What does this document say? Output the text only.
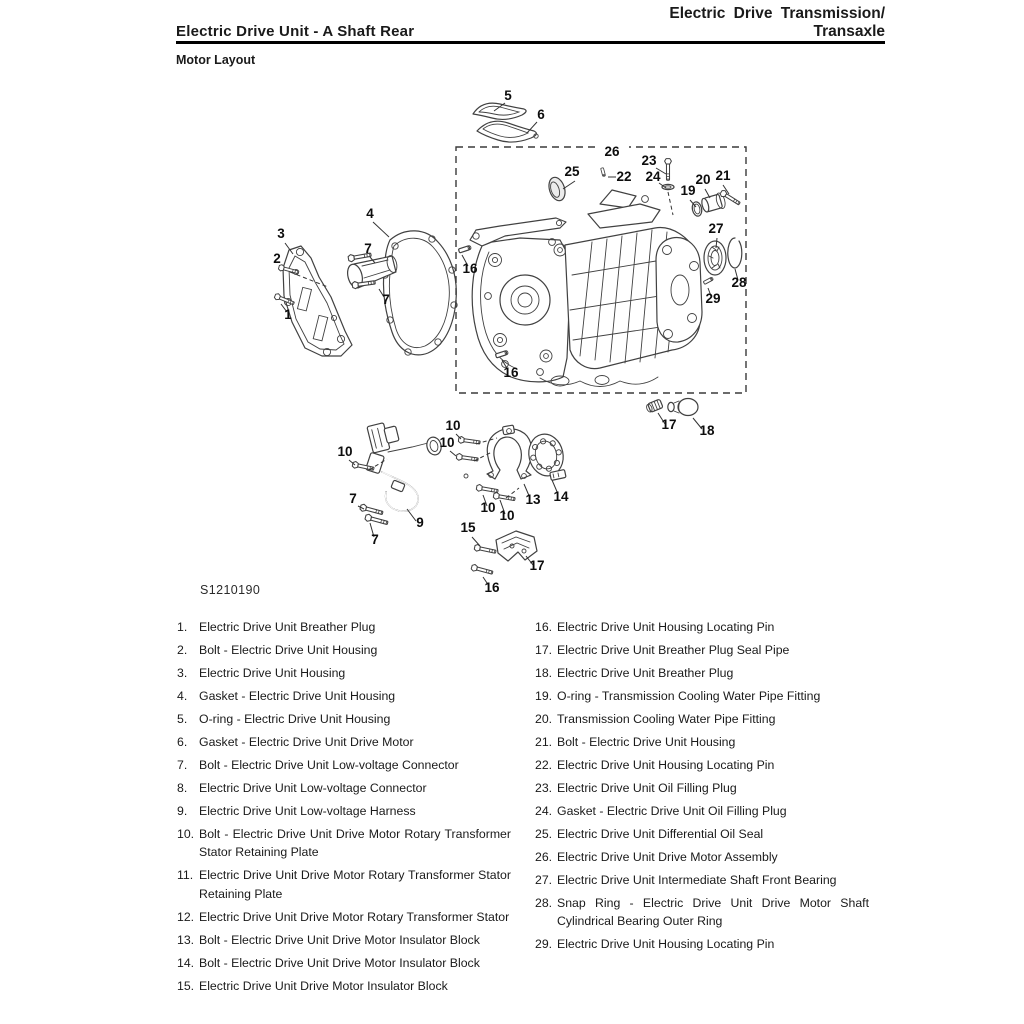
Electric Drive Unit - A Shaft Rear
Electric Drive Transmission/
Transaxle
Motor Layout
5
6
26
23
24
22
25
19
20 21
27
28
29
16
16
4
3
2
1
7
7
10
9
7
7
10
10
13 14
10
10
15
17
16
17 18
S1210190
1. Electric Drive Unit Breather Plug
2. Bolt - Electric Drive Unit Housing
3. Electric Drive Unit Housing
4. Gasket - Electric Drive Unit Housing
5. O-ring - Electric Drive Unit Housing
6. Gasket - Electric Drive Unit Drive Motor
7. Bolt - Electric Drive Unit Low-voltage Connector
8. Electric Drive Unit Low-voltage Connector
9. Electric Drive Unit Low-voltage Harness
10. Bolt - Electric Drive Unit Drive Motor Rotary Transformer Stator Retaining Plate
11. Electric Drive Unit Drive Motor Rotary Transformer Stator Retaining Plate
12. Electric Drive Unit Drive Motor Rotary Transformer Stator
13. Bolt - Electric Drive Unit Drive Motor Insulator Block
14. Bolt - Electric Drive Unit Drive Motor Insulator Block
15. Electric Drive Unit Drive Motor Insulator Block
16. Electric Drive Unit Housing Locating Pin
17. Electric Drive Unit Breather Plug Seal Pipe
18. Electric Drive Unit Breather Plug
19. O-ring - Transmission Cooling Water Pipe Fitting
20. Transmission Cooling Water Pipe Fitting
21. Bolt - Electric Drive Unit Housing
22. Electric Drive Unit Housing Locating Pin
23. Electric Drive Unit Oil Filling Plug
24. Gasket - Electric Drive Unit Oil Filling Plug
25. Electric Drive Unit Differential Oil Seal
26. Electric Drive Unit Drive Motor Assembly
27. Electric Drive Unit Intermediate Shaft Front Bearing
28. Snap Ring - Electric Drive Unit Drive Motor Shaft Cylindrical Bearing Outer Ring
29. Electric Drive Unit Housing Locating Pin
